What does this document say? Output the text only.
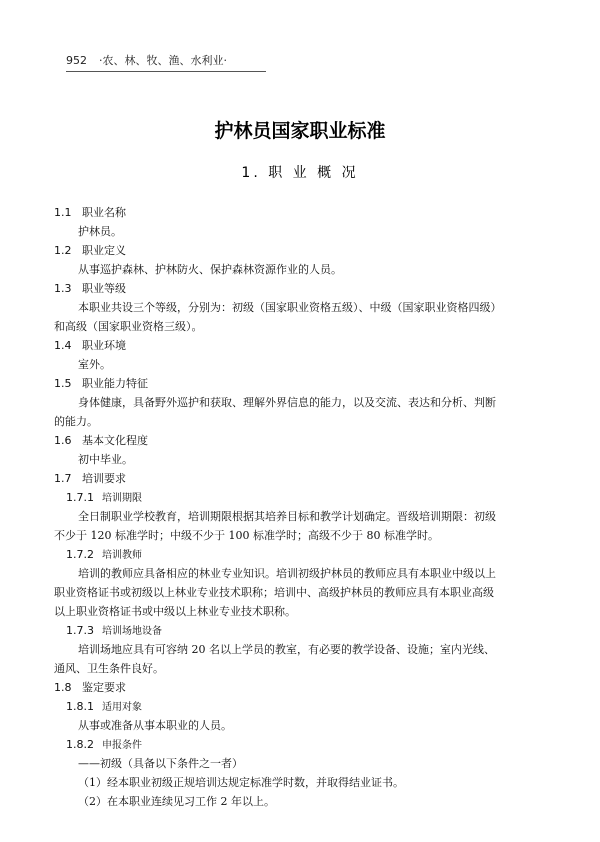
952 ·农、林、牧、渔、水利业·
护林员国家职业标准
1. 职 业 概 况
1.1 职业名称
护林员。
1.2 职业定义
从事巡护森林、护林防火、保护森林资源作业的人员。
1.3 职业等级
本职业共设三个等级，分别为：初级（国家职业资格五级）、中级（国家职业资格四级）
和高级（国家职业资格三级）。
1.4 职业环境
室外。
1.5 职业能力特征
身体健康，具备野外巡护和获取、理解外界信息的能力，以及交流、表达和分析、判断
的能力。
1.6 基本文化程度
初中毕业。
1.7 培训要求
1.7.1 培训期限
全日制职业学校教育，培训期限根据其培养目标和教学计划确定。晋级培训期限：初级
不少于 120 标准学时；中级不少于 100 标准学时；高级不少于 80 标准学时。
1.7.2 培训教师
培训的教师应具备相应的林业专业知识。培训初级护林员的教师应具有本职业中级以上
职业资格证书或初级以上林业专业技术职称；培训中、高级护林员的教师应具有本职业高级
以上职业资格证书或中级以上林业专业技术职称。
1.7.3 培训场地设备
培训场地应具有可容纳 20 名以上学员的教室，有必要的教学设备、设施；室内光线、
通风、卫生条件良好。
1.8 鉴定要求
1.8.1 适用对象
从事或准备从事本职业的人员。
1.8.2 申报条件
——初级（具备以下条件之一者）
（1）经本职业初级正规培训达规定标准学时数，并取得结业证书。
（2）在本职业连续见习工作 2 年以上。
